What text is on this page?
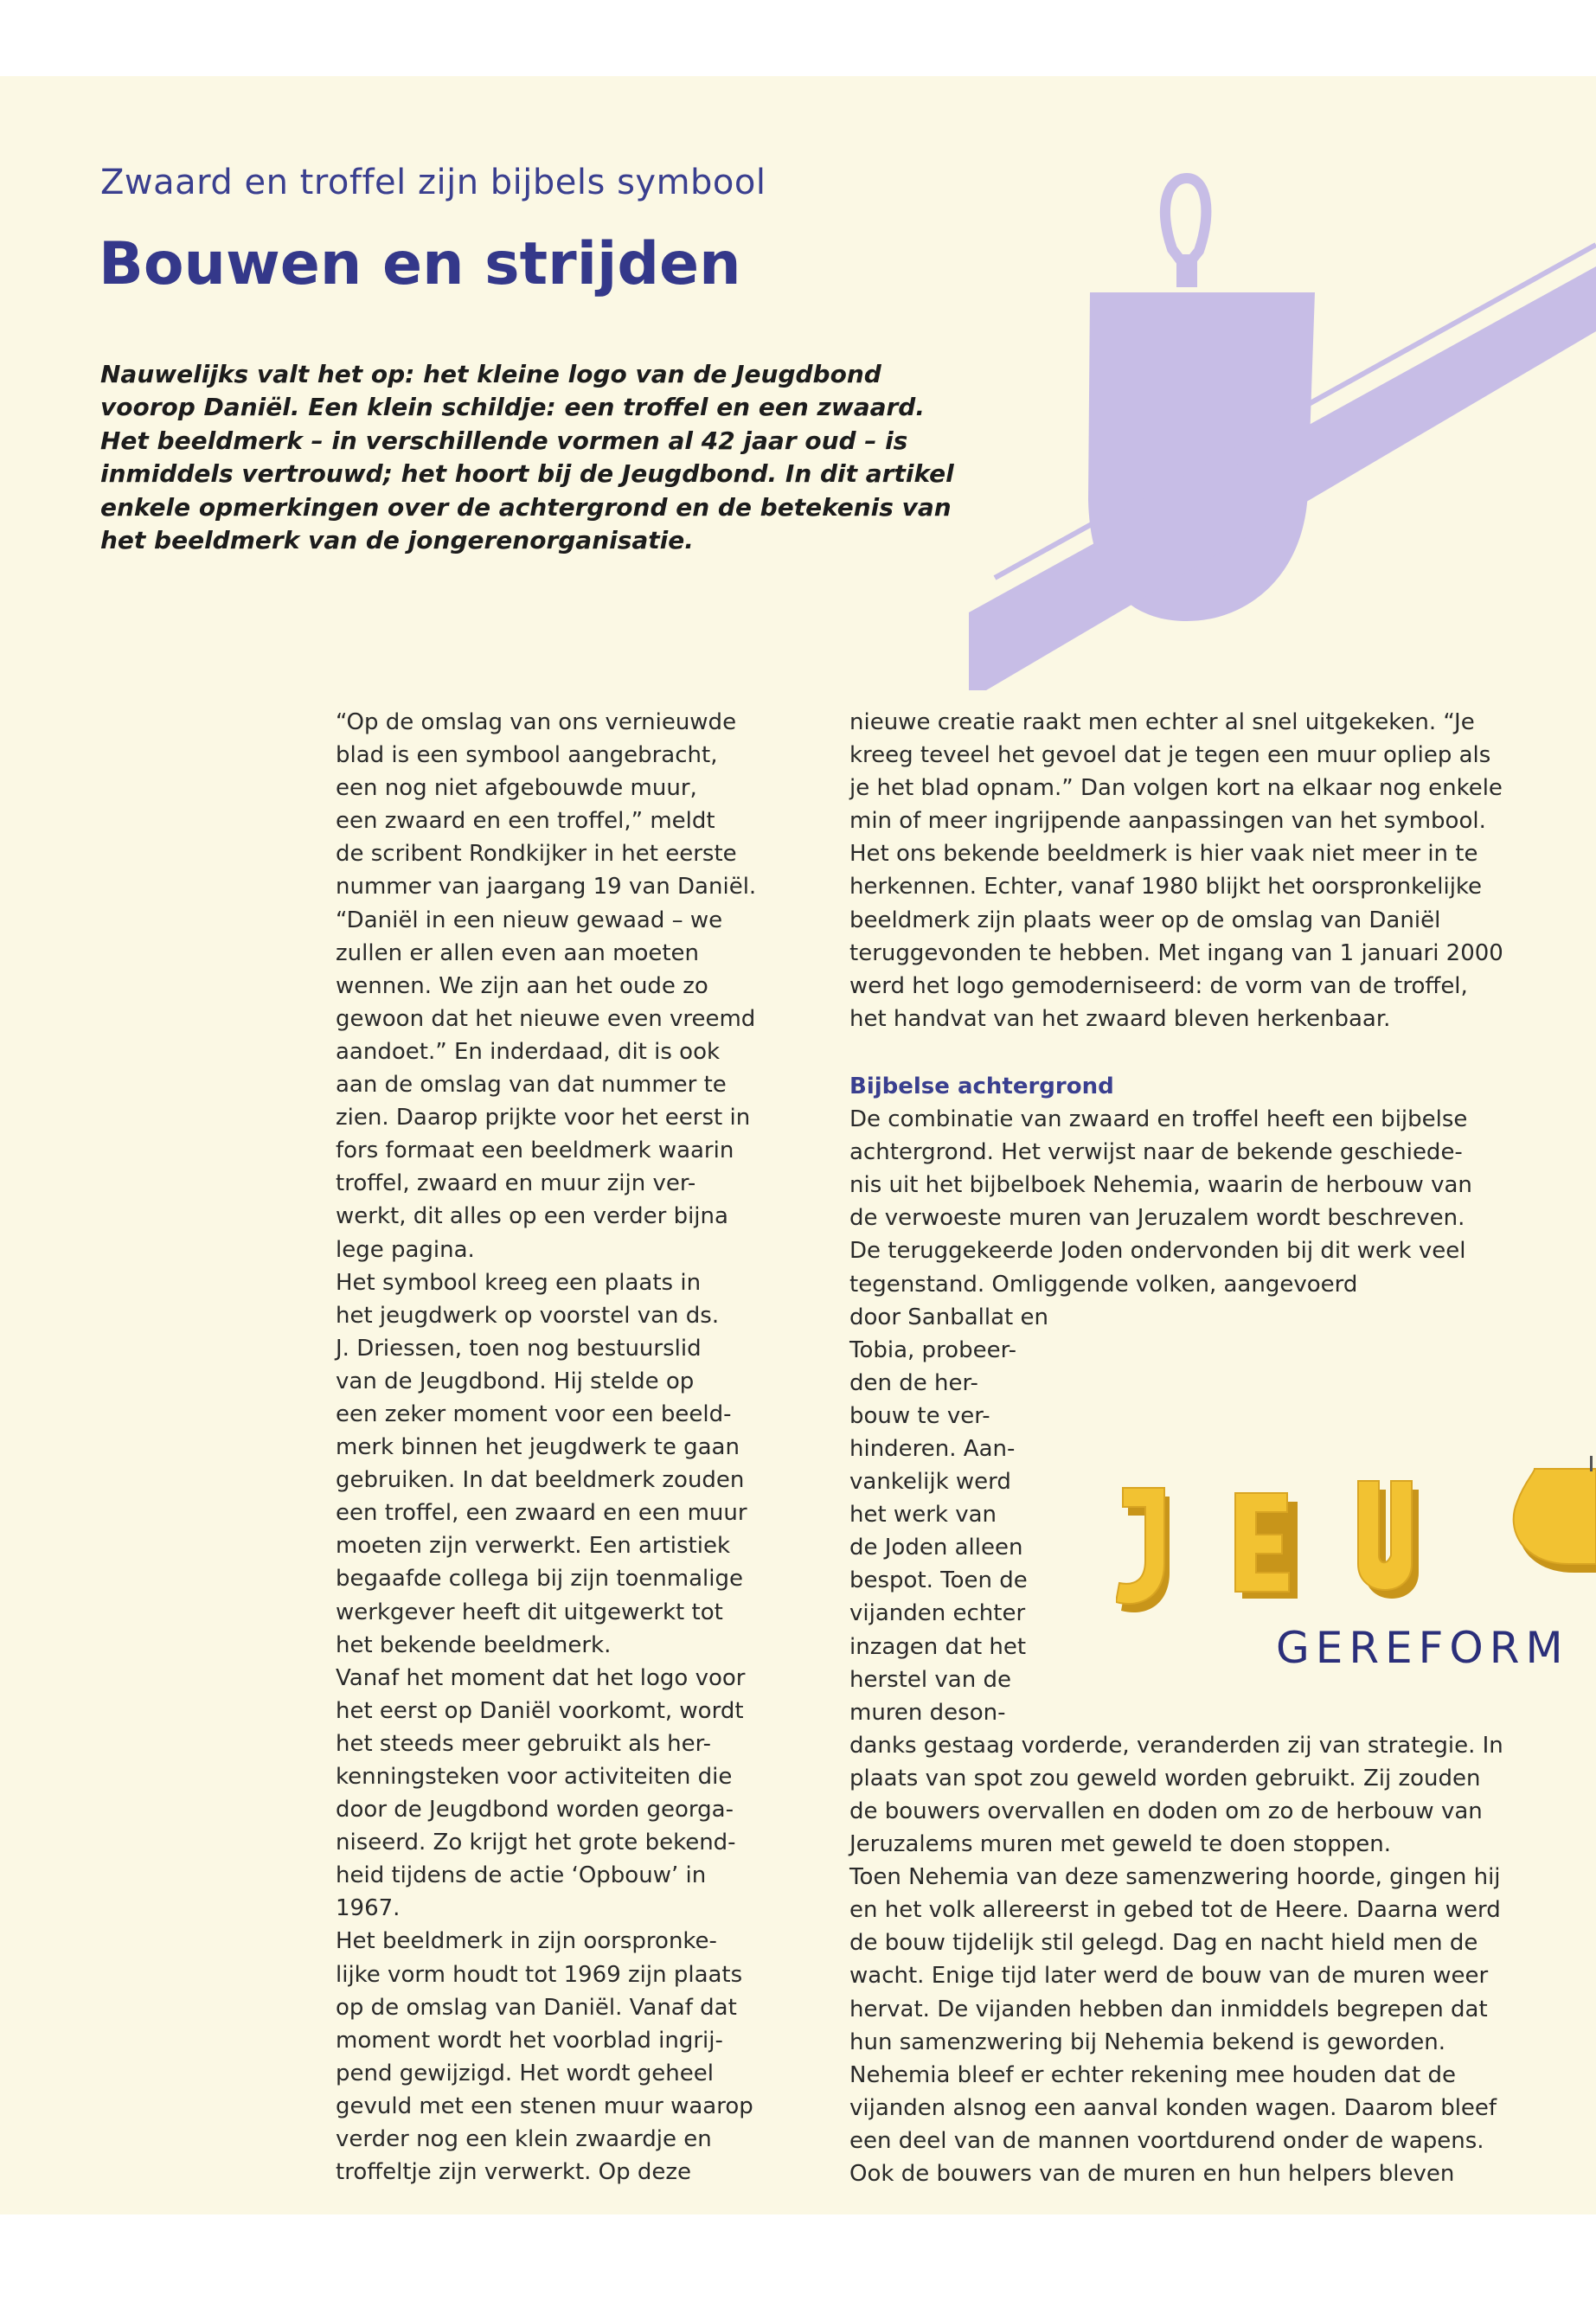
Zwaard en troffel zijn bijbels symbool
Bouwen en strijden

Nauwelijks valt het op: het kleine logo van de Jeugdbond

voorop Daniël. Een klein schildje: een troffel en een zwaard.

Het beeldmerk – in verschillende vormen al 42 jaar oud – is

inmiddels vertrouwd; het hoort bij de Jeugdbond. In dit artikel

enkele opmerkingen over de achtergrond en de betekenis van

het beeldmerk van de jongerenorganisatie.

“Op de omslag van ons vernieuwde
blad is een symbool aangebracht,
een nog niet afgebouwde muur,
een zwaard en een troffel,” meldt
de scribent Rondkijker in het eerste
nummer van jaargang 19 van Daniël.
“Daniël in een nieuw gewaad – we
zullen er allen even aan moeten
wennen. We zijn aan het oude zo
gewoon dat het nieuwe even vreemd
aandoet.” En inderdaad, dit is ook
aan de omslag van dat nummer te
zien. Daarop prijkte voor het eerst in
fors formaat een beeldmerk waarin
troffel, zwaard en muur zijn ver-
werkt, dit alles op een verder bijna
lege pagina.
Het symbool kreeg een plaats in
het jeugdwerk op voorstel van ds.
J. Driessen, toen nog bestuurslid
van de Jeugdbond. Hij stelde op
een zeker moment voor een beeld-
merk binnen het jeugdwerk te gaan
gebruiken. In dat beeldmerk zouden
een troffel, een zwaard en een muur
moeten zijn verwerkt. Een artistiek
begaafde collega bij zijn toenmalige
werkgever heeft dit uitgewerkt tot
het bekende beeldmerk.
Vanaf het moment dat het logo voor
het eerst op Daniël voorkomt, wordt
het steeds meer gebruikt als her-
kenningsteken voor activiteiten die
door de Jeugdbond worden georga-
niseerd. Zo krijgt het grote bekend-
heid tijdens de actie ‘Opbouw’ in
1967.
Het beeldmerk in zijn oorspronke-
lijke vorm houdt tot 1969 zijn plaats
op de omslag van Daniël. Vanaf dat
moment wordt het voorblad ingrij-
pend gewijzigd. Het wordt geheel
gevuld met een stenen muur waarop
verder nog een klein zwaardje en
troffeltje zijn verwerkt. Op deze
nieuwe creatie raakt men echter al snel uitgekeken. “Je
kreeg teveel het gevoel dat je tegen een muur opliep als
je het blad opnam.” Dan volgen kort na elkaar nog enkele
min of meer ingrijpende aanpassingen van het symbool.
Het ons bekende beeldmerk is hier vaak niet meer in te
herkennen. Echter, vanaf 1980 blijkt het oorspronkelijke
beeldmerk zijn plaats weer op de omslag van Daniël
teruggevonden te hebben. Met ingang van 1 januari 2000
werd het logo gemoderniseerd: de vorm van de troffel,
het handvat van het zwaard bleven herkenbaar.
Bijbelse achtergrond
De combinatie van zwaard en troffel heeft een bijbelse
achtergrond. Het verwijst naar de bekende geschiede-
nis uit het bijbelboek Nehemia, waarin de herbouw van
de verwoeste muren van Jeruzalem wordt beschreven.
De teruggekeerde Joden ondervonden bij dit werk veel
tegenstand. Omliggende volken, aangevoerd
door Sanballat en
Tobia, probeer-
den de her-
bouw te ver-
hinderen. Aan-
vankelijk werd
het werk van
de Joden alleen
bespot. Toen de
vijanden echter
inzagen dat het
herstel van de
muren deson-
danks gestaag vorderde, veranderden zij van strategie. In
plaats van spot zou geweld worden gebruikt. Zij zouden
de bouwers overvallen en doden om zo de herbouw van
Jeruzalems muren met geweld te doen stoppen.
Toen Nehemia van deze samenzwering hoorde, gingen hij
en het volk allereerst in gebed tot de Heere. Daarna werd
de bouw tijdelijk stil gelegd. Dag en nacht hield men de
wacht. Enige tijd later werd de bouw van de muren weer
hervat. De vijanden hebben dan inmiddels begrepen dat
hun samenzwering bij Nehemia bekend is geworden.
Nehemia bleef er echter rekening mee houden dat de
vijanden alsnog een aanval konden wagen. Daarom bleef
een deel van de mannen voortdurend onder de wapens.
Ook de bouwers van de muren en hun helpers bleven
GEREFORM
